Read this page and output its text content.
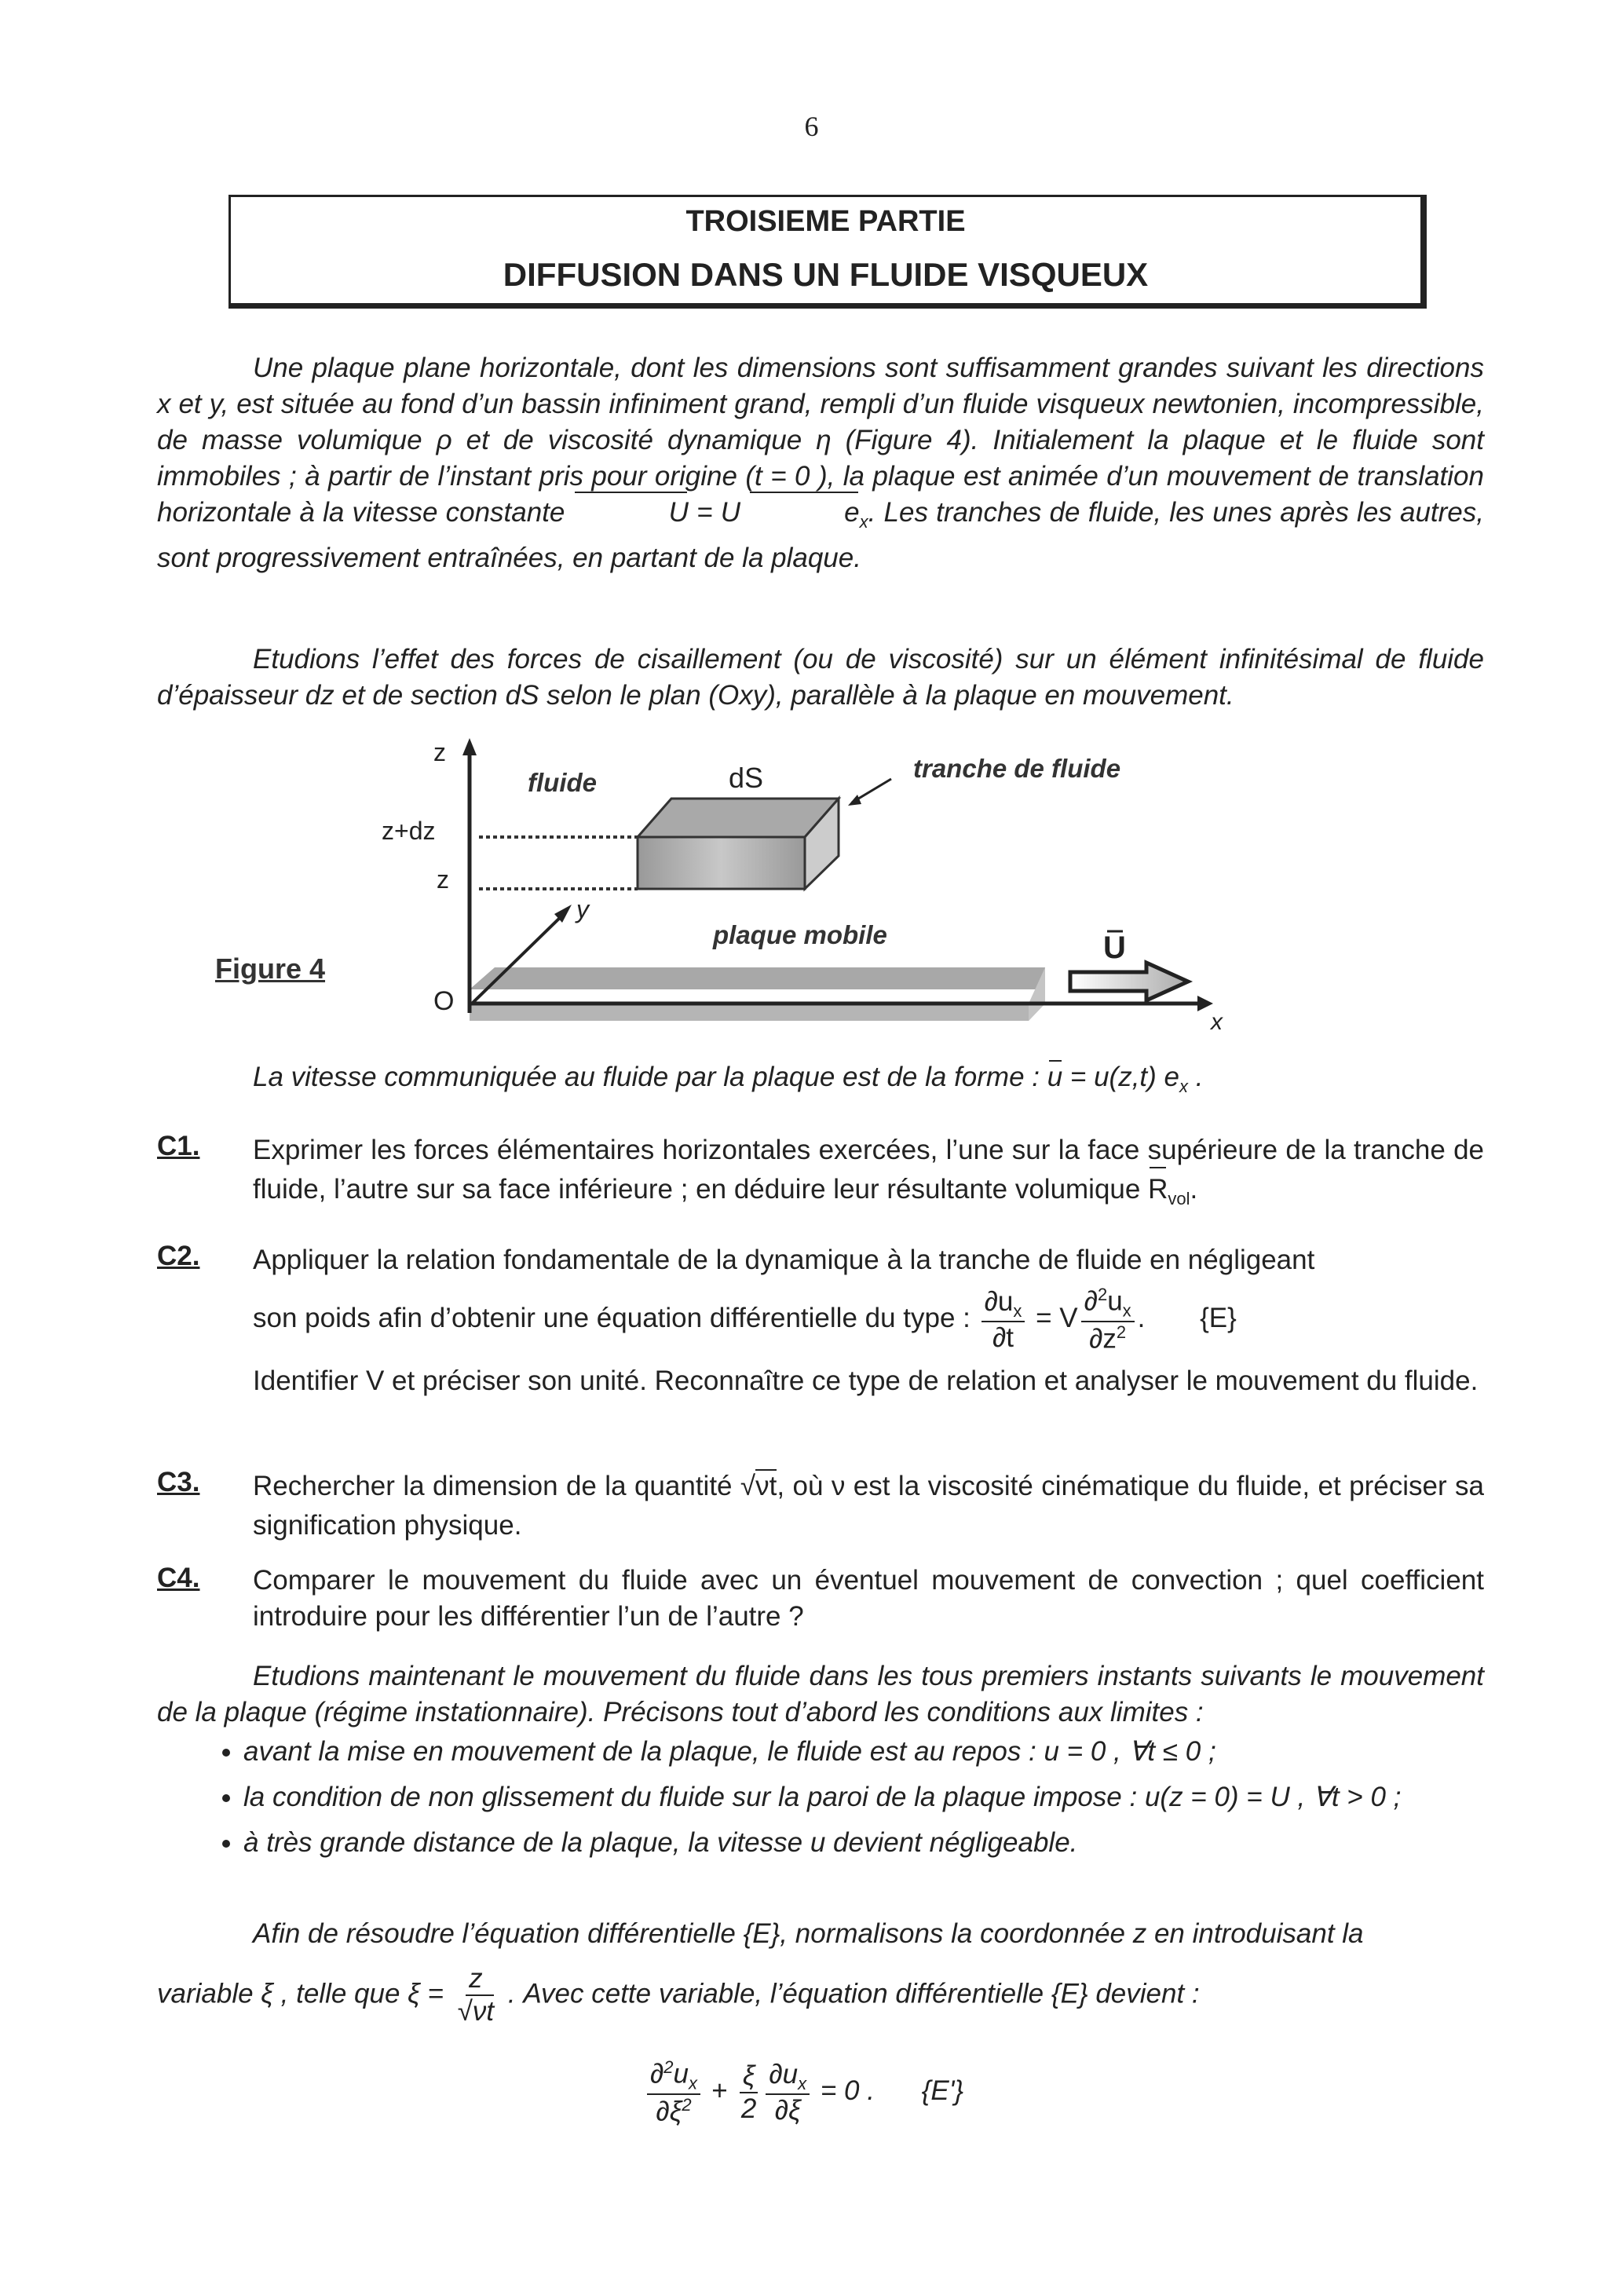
6
TROISIEME PARTIE
DIFFUSION DANS UN FLUIDE VISQUEUX
Une plaque plane horizontale, dont les dimensions sont suffisamment grandes suivant les directions x et y, est située au fond d’un bassin infiniment grand, rempli d’un fluide visqueux newtonien, incompressible, de masse volumique ρ et de viscosité dynamique η (Figure 4). Initialement la plaque et le fluide sont immobiles ; à partir de l’instant pris pour origine (t = 0 ), la plaque est animée d’un mouvement de translation horizontale à la vitesse constante	U = U	$e_x$. Les tranches de fluide, les unes après les autres, sont progressivement entraînées, en partant de la plaque.
Etudions l’effet des forces de cisaillement (ou de viscosité) sur un élément infinitésimal de fluide d’épaisseur dz et de section dS selon le plan (Oxy), parallèle à la plaque en mouvement.
z
z+dz
z
O
y
x
fluide	dS	tranche de fluide
plaque mobile	U
Figure 4
La vitesse communiquée au fluide par la plaque est de la forme : u = u(z,t) $e_x$ .
C1. Exprimer les forces élémentaires horizontales exercées, l’une sur la face supérieure de la tranche de fluide, l’autre sur sa face inférieure ; en déduire leur résultante volumique $R_{vol}$.
C2. Appliquer la relation fondamentale de la dynamique à la tranche de fluide en négligeant
son poids afin d’obtenir une équation différentielle du type : $\frac{\partial u_x}{\partial t} = V \frac{\partial^2u_x}{\partial z^2}$ . {E}
Identifier V et préciser son unité. Reconnaître ce type de relation et analyser le mouvement du fluide.
C3. Rechercher la dimension de la quantité √νt, où ν est la viscosité cinématique du fluide, et préciser sa signification physique.
C4. Comparer le mouvement du fluide avec un éventuel mouvement de convection ; quel coefficient introduire pour les différentier l’un de l’autre ?
Etudions maintenant le mouvement du fluide dans les tous premiers instants suivants le mouvement de la plaque (régime instationnaire). Précisons tout d’abord les conditions aux limites :
• avant la mise en mouvement de la plaque, le fluide est au repos : u = 0 , ∀t ≤ 0 ;
• la condition de non glissement du fluide sur la paroi de la plaque impose : u(z = 0) = U , ∀t > 0 ;
• à très grande distance de la plaque, la vitesse u devient négligeable.
Afin de résoudre l’équation différentielle {E}, normalisons la coordonnée z en introduisant la
variable ξ , telle que $\xi = \frac{z}{√\nu t}$ . Avec cette variable, l’équation différentielle {E} devient :
$\frac{\partial^2u_x}{\partial\xi^2} + \frac{\xi}{2} \frac{\partial u_x}{\partial\xi} = 0$ . {E'}
